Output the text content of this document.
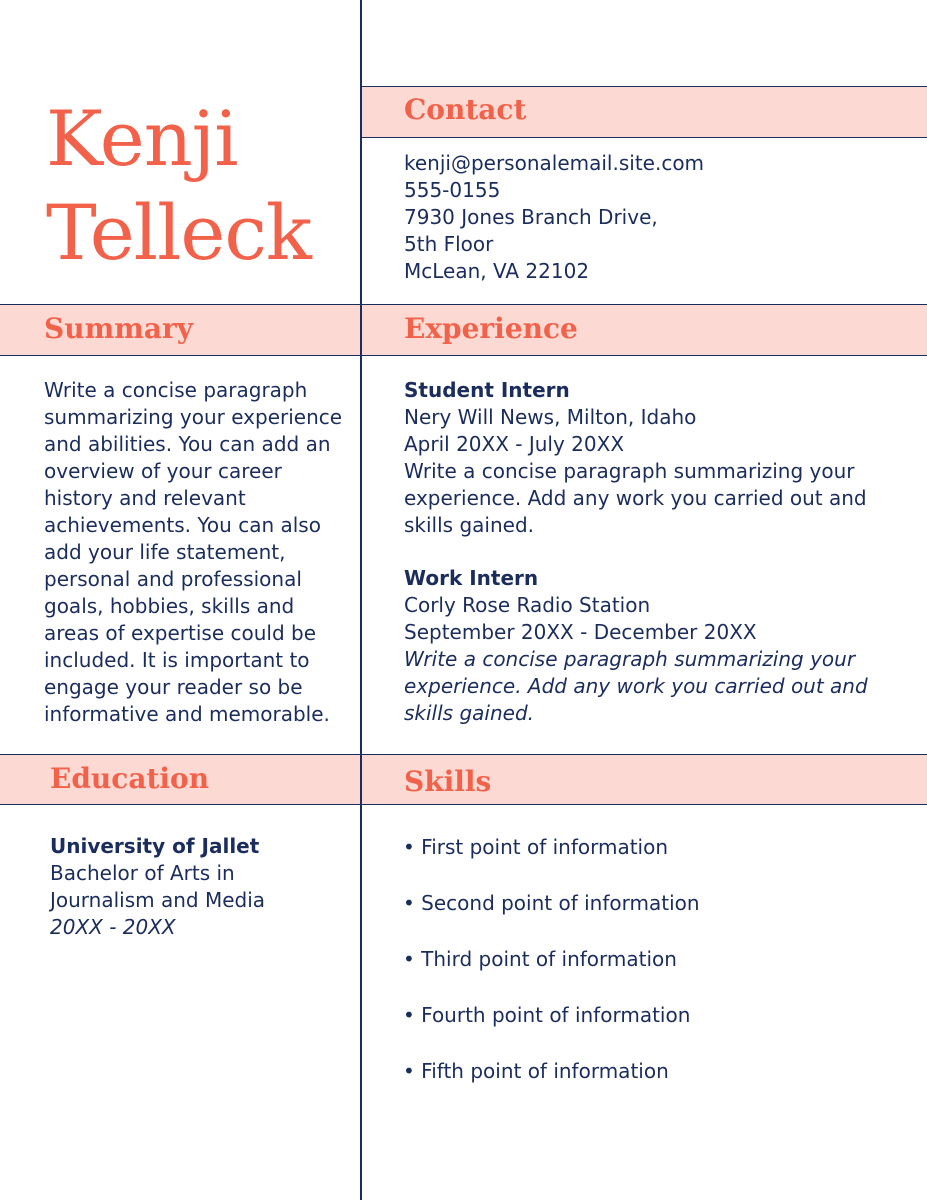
Kenji
Telleck
Contact
kenji@personalemail.site.com
555-0155
7930 Jones Branch Drive,
5th Floor
McLean, VA 22102
Summary
Write a concise paragraph
summarizing your experience
and abilities. You can add an
overview of your career
history and relevant
achievements. You can also
add your life statement,
personal and professional
goals, hobbies, skills and
areas of expertise could be
included. It is important to
engage your reader so be
informative and memorable.
Experience
Student Intern
Nery Will News, Milton, Idaho
April 20XX - July 20XX
Write a concise paragraph summarizing your
experience. Add any work you carried out and
skills gained.
Work Intern
Corly Rose Radio Station
September 20XX - December 20XX
Write a concise paragraph summarizing your
experience. Add any work you carried out and
skills gained.
Education
University of Jallet
Bachelor of Arts in
Journalism and Media
20XX - 20XX
Skills
• First point of information
• Second point of information
• Third point of information
• Fourth point of information
• Fifth point of information
